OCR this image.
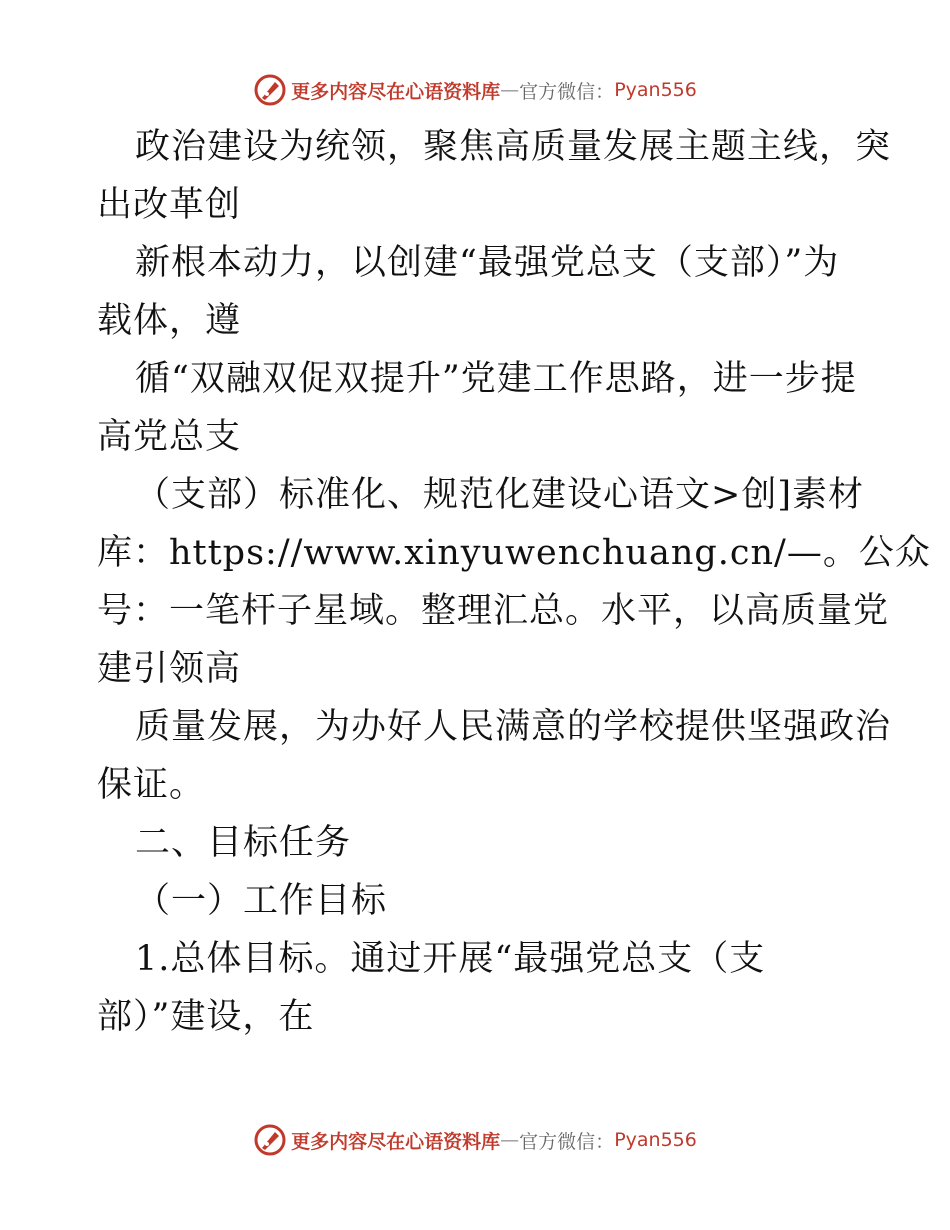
更多内容尽在心语资料库 — 官方微信： Pyan556
政治建设为统领，聚焦高质量发展主题主线，突
出改革创
新根本动力，以创建“最强党总支（支部）”为
载体，遵
循“双融双促双提升”党建工作思路，进一步提
高党总支
（支部）标准化、规范化建设心语文>创]素材
库：https://www.xinyuwenchuang.cn/—。公众
号：一笔杆子星域。整理汇总。水平，以高质量党
建引领高
质量发展，为办好人民满意的学校提供坚强政治
保证。
二、目标任务
（一）工作目标
1.总体目标。通过开展“最强党总支（支
部）”建设，在
更多内容尽在心语资料库 — 官方微信： Pyan556
